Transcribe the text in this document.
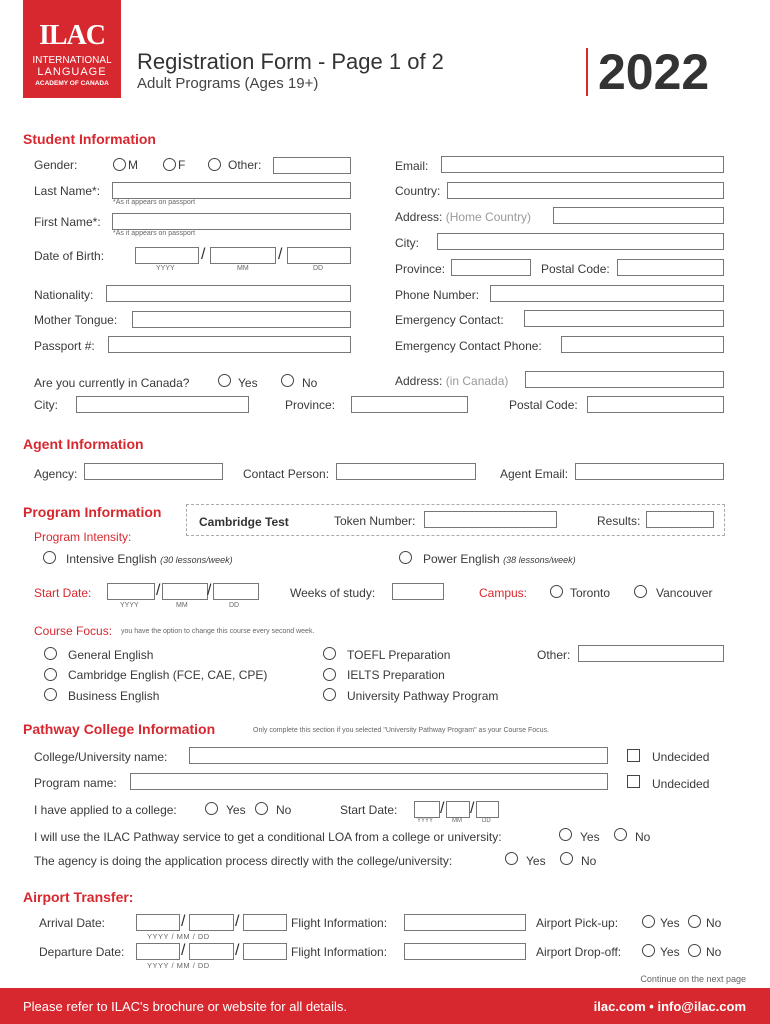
ILAC
INTERNATIONAL
LANGUAGE
ACADEMY OF CANADA
Registration Form - Page 1 of 2
Adult Programs (Ages 19+)	2022
Student Information
Gender:	M	F	Other:
Last Name*:
*As it appears on passport
First Name*:
*As it appears on passport
Date of Birth:	/	/
YYYY	MM	DD
Nationality:
Mother Tongue:
Passport #:
Email:
Country:
Address: (Home Country)
City:
Province:	Postal Code:
Phone Number:
Emergency Contact:
Emergency Contact Phone:
Are you currently in Canada?	Yes	No	Address: (in Canada)
City:	Province:	Postal Code:
Agent Information
Agency:	Contact Person:	Agent Email:
Program Information
Cambridge Test	Token Number:	Results:
Program Intensity:
Intensive English (30 lessons/week)	Power English (38 lessons/week)
Start Date:	/	/
YYYY	MM	DD
Weeks of study:	Campus:	Toronto	Vancouver
Course Focus: you have the option to change this course every second week.
General English
Cambridge English (FCE, CAE, CPE)
Business English
TOEFL Preparation
IELTS Preparation
University Pathway Program
Other:
Pathway College Information	Only complete this section if you selected "University Pathway Program" as your Course Focus.
College/University name:	Undecided
Program name:	Undecided
I have applied to a college:	Yes	No	Start Date:	/ /
YYYY	MM	DD
I will use the ILAC Pathway service to get a conditional LOA from a college or university:	Yes	No
The agency is doing the application process directly with the college/university:	Yes	No
Airport Transfer:
Arrival Date:	/	/
YYYY / MM / DD
Flight Information:	Airport Pick-up:	Yes No
Departure Date:	/	/
YYYY / MM / DD
Flight Information:	Airport Drop-off:	Yes No
Continue on the next page
Please refer to ILAC's brochure or website for all details.	ilac.com • info@ilac.com
